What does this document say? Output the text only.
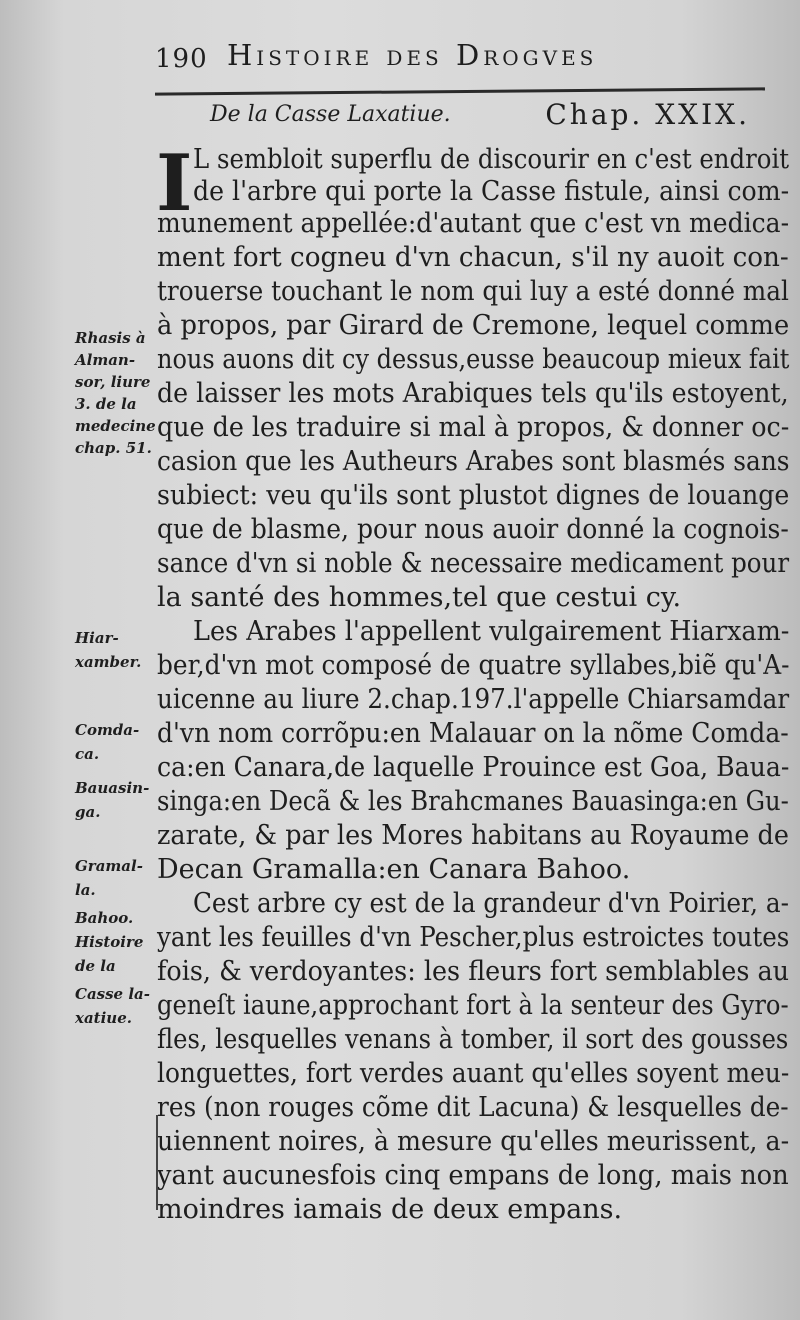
190 Histoire des Drogves
De la Casse Laxatiue.	Chap. XXIX.
I L sembloit superflu de discourir en c'est endroit
de l'arbre qui porte la Casse fistule, ainsi com-
munement appellée:d'autant que c'est vn medica-
ment fort cogneu d'vn chacun, s'il ny auoit con-
trouerse touchant le nom qui luy a esté donné mal
à propos, par Girard de Cremone, lequel comme
nous auons dit cy dessus,eusse beaucoup mieux fait
de laisser les mots Arabiques tels qu'ils estoyent,
que de les traduire si mal à propos, & donner oc-
casion que les Autheurs Arabes sont blasmés sans
subiect: veu qu'ils sont plustot dignes de louange
que de blasme, pour nous auoir donné la cognois-
sance d'vn si noble & necessaire medicament pour
la santé des hommes,tel que cestui cy.
Les Arabes l'appellent vulgairement Hiarxam-
ber,d'vn mot composé de quatre syllabes,biẽ qu'A-
uicenne au liure 2.chap.197.l'appelle Chiarsamdar
d'vn nom corrõpu:en Malauar on la nõme Comda-
ca:en Canara,de laquelle Prouince est Goa, Baua-
singa:en Decã & les Brahcmanes Bauasinga:en Gu-
zarate, & par les Mores habitans au Royaume de
Decan Gramalla:en Canara Bahoo.
Cest arbre cy est de la grandeur d'vn Poirier, a-
yant les feuilles d'vn Pescher,plus estroictes toutes
fois, & verdoyantes: les fleurs fort semblables au
geneſt iaune,approchant fort à la senteur des Gyro-
fles, lesquelles venans à tomber, il sort des gousses
longuettes, fort verdes auant qu'elles soyent meu-
res (non rouges cõme dit Lacuna) & lesquelles de-
uiennent noires, à mesure qu'elles meurissent, a-
yant aucunesfois cinq empans de long, mais non
moindres iamais de deux empans.
Rhasis à
Alman-
sor, liure
3. de la
medecine
chap. 51.
Hiar-
xamber.
Comda-
ca.
Bauasin-
ga.
Gramal-
la.
Bahoo.
Histoire
de la
Casse la-
xatiue.
